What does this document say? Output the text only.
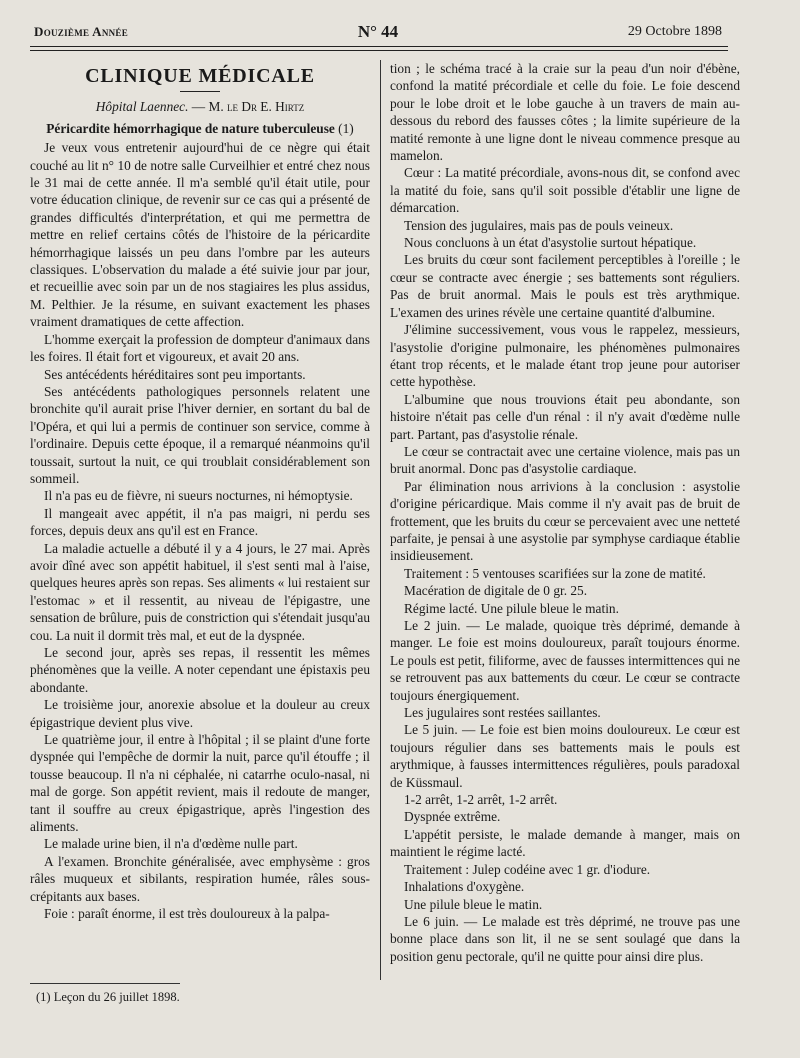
Douzième Année	N° 44	29 Octobre 1898

CLINIQUE MÉDICALE

Hôpital Laennec. — M. le Dr E. Hirtz

Péricardite hémorrhagique de nature tuberculeuse (1)

Je veux vous entretenir aujourd'hui de ce nègre qui était couché au lit n° 10 de notre salle Curveilhier et entré chez nous le 31 mai de cette année. Il m'a semblé qu'il était utile, pour votre éducation clinique, de revenir sur ce cas qui a présenté de grandes difficultés d'interprétation, et qui me permettra de mettre en relief certains côtés de l'histoire de la péricardite hémorrhagique laissés un peu dans l'ombre par les auteurs classiques. L'observation du malade a été suivie jour par jour, et recueillie avec soin par un de nos stagiaires les plus assidus, M. Pelthier. Je la résume, en suivant exactement les phases vraiment dramatiques de cette affection.

L'homme exerçait la profession de dompteur d'animaux dans les foires. Il était fort et vigoureux, et avait 20 ans.

Ses antécédents héréditaires sont peu importants.

Ses antécédents pathologiques personnels relatent une bronchite qu'il aurait prise l'hiver dernier, en sortant du bal de l'Opéra, et qui lui a permis de continuer son service, comme à l'ordinaire. Depuis cette époque, il a remarqué néanmoins qu'il toussait, surtout la nuit, ce qui troublait considérablement son sommeil.

Il n'a pas eu de fièvre, ni sueurs nocturnes, ni hémoptysie.

Il mangeait avec appétit, il n'a pas maigri, ni perdu ses forces, depuis deux ans qu'il est en France.

La maladie actuelle a débuté il y a 4 jours, le 27 mai. Après avoir dîné avec son appétit habituel, il s'est senti mal à l'aise, quelques heures après son repas. Ses aliments « lui restaient sur l'estomac » et il ressentit, au niveau de l'épigastre, une sensation de brûlure, puis de constriction qui s'étendait jusqu'au cou. La nuit il dormit très mal, et eut de la dyspnée.

Le second jour, après ses repas, il ressentit les mêmes phénomènes que la veille. A noter cependant une épistaxis peu abondante.

Le troisième jour, anorexie absolue et la douleur au creux épigastrique devient plus vive.

Le quatrième jour, il entre à l'hôpital ; il se plaint d'une forte dyspnée qui l'empêche de dormir la nuit, parce qu'il étouffe ; il tousse beaucoup. Il n'a ni céphalée, ni catarrhe oculo-nasal, ni mal de gorge. Son appétit revient, mais il redoute de manger, tant il souffre au creux épigastrique, après l'ingestion des aliments.

Le malade urine bien, il n'a d'œdème nulle part.

A l'examen. Bronchite généralisée, avec emphysème : gros râles muqueux et sibilants, respiration humée, râles sous-crépitants aux bases.

Foie : paraît énorme, il est très douloureux à la palpa-

tion ; le schéma tracé à la craie sur la peau d'un noir d'ébène, confond la matité précordiale et celle du foie. Le foie descend pour le lobe droit et le lobe gauche à un travers de main au-dessous du rebord des fausses côtes ; la limite supérieure de la matité remonte à une ligne dont le niveau commence presque au mamelon.

Cœur : La matité précordiale, avons-nous dit, se confond avec la matité du foie, sans qu'il soit possible d'établir une ligne de démarcation.

Tension des jugulaires, mais pas de pouls veineux.

Nous concluons à un état d'asystolie surtout hépatique.

Les bruits du cœur sont facilement perceptibles à l'oreille ; le cœur se contracte avec énergie ; ses battements sont réguliers. Pas de bruit anormal. Mais le pouls est très arythmique. L'examen des urines révèle une certaine quantité d'albumine.

J'élimine successivement, vous vous le rappelez, messieurs, l'asystolie d'origine pulmonaire, les phénomènes pulmonaires étant trop récents, et le malade étant trop jeune pour autoriser cette hypothèse.

L'albumine que nous trouvions était peu abondante, son histoire n'était pas celle d'un rénal : il n'y avait d'œdème nulle part. Partant, pas d'asystolie rénale.

Le cœur se contractait avec une certaine violence, mais pas un bruit anormal. Donc pas d'asystolie cardiaque.

Par élimination nous arrivions à la conclusion : asystolie d'origine péricardique. Mais comme il n'y avait pas de bruit de frottement, que les bruits du cœur se percevaient avec une netteté parfaite, je pensai à une asystolie par symphyse cardiaque établie insidieusement.

Traitement : 5 ventouses scarifiées sur la zone de matité.

Macération de digitale de 0 gr. 25.

Régime lacté. Une pilule bleue le matin.

Le 2 juin. — Le malade, quoique très déprimé, demande à manger. Le foie est moins douloureux, paraît toujours énorme. Le pouls est petit, filiforme, avec de fausses intermittences qui ne se retrouvent pas aux battements du cœur. Le cœur se contracte toujours énergiquement.

Les jugulaires sont restées saillantes.

Le 5 juin. — Le foie est bien moins douloureux. Le cœur est toujours régulier dans ses battements mais le pouls est arythmique, à fausses intermittences régulières, pouls paradoxal de Küssmaul.

1-2 arrêt, 1-2 arrêt, 1-2 arrêt.

Dyspnée extrême.

L'appétit persiste, le malade demande à manger, mais on maintient le régime lacté.

Traitement : Julep codéine avec 1 gr. d'iodure.

Inhalations d'oxygène.

Une pilule bleue le matin.

Le 6 juin. — Le malade est très déprimé, ne trouve pas une bonne place dans son lit, il ne se sent soulagé que dans la position genu pectorale, qu'il ne quitte pour ainsi dire plus.

(1) Leçon du 26 juillet 1898.
